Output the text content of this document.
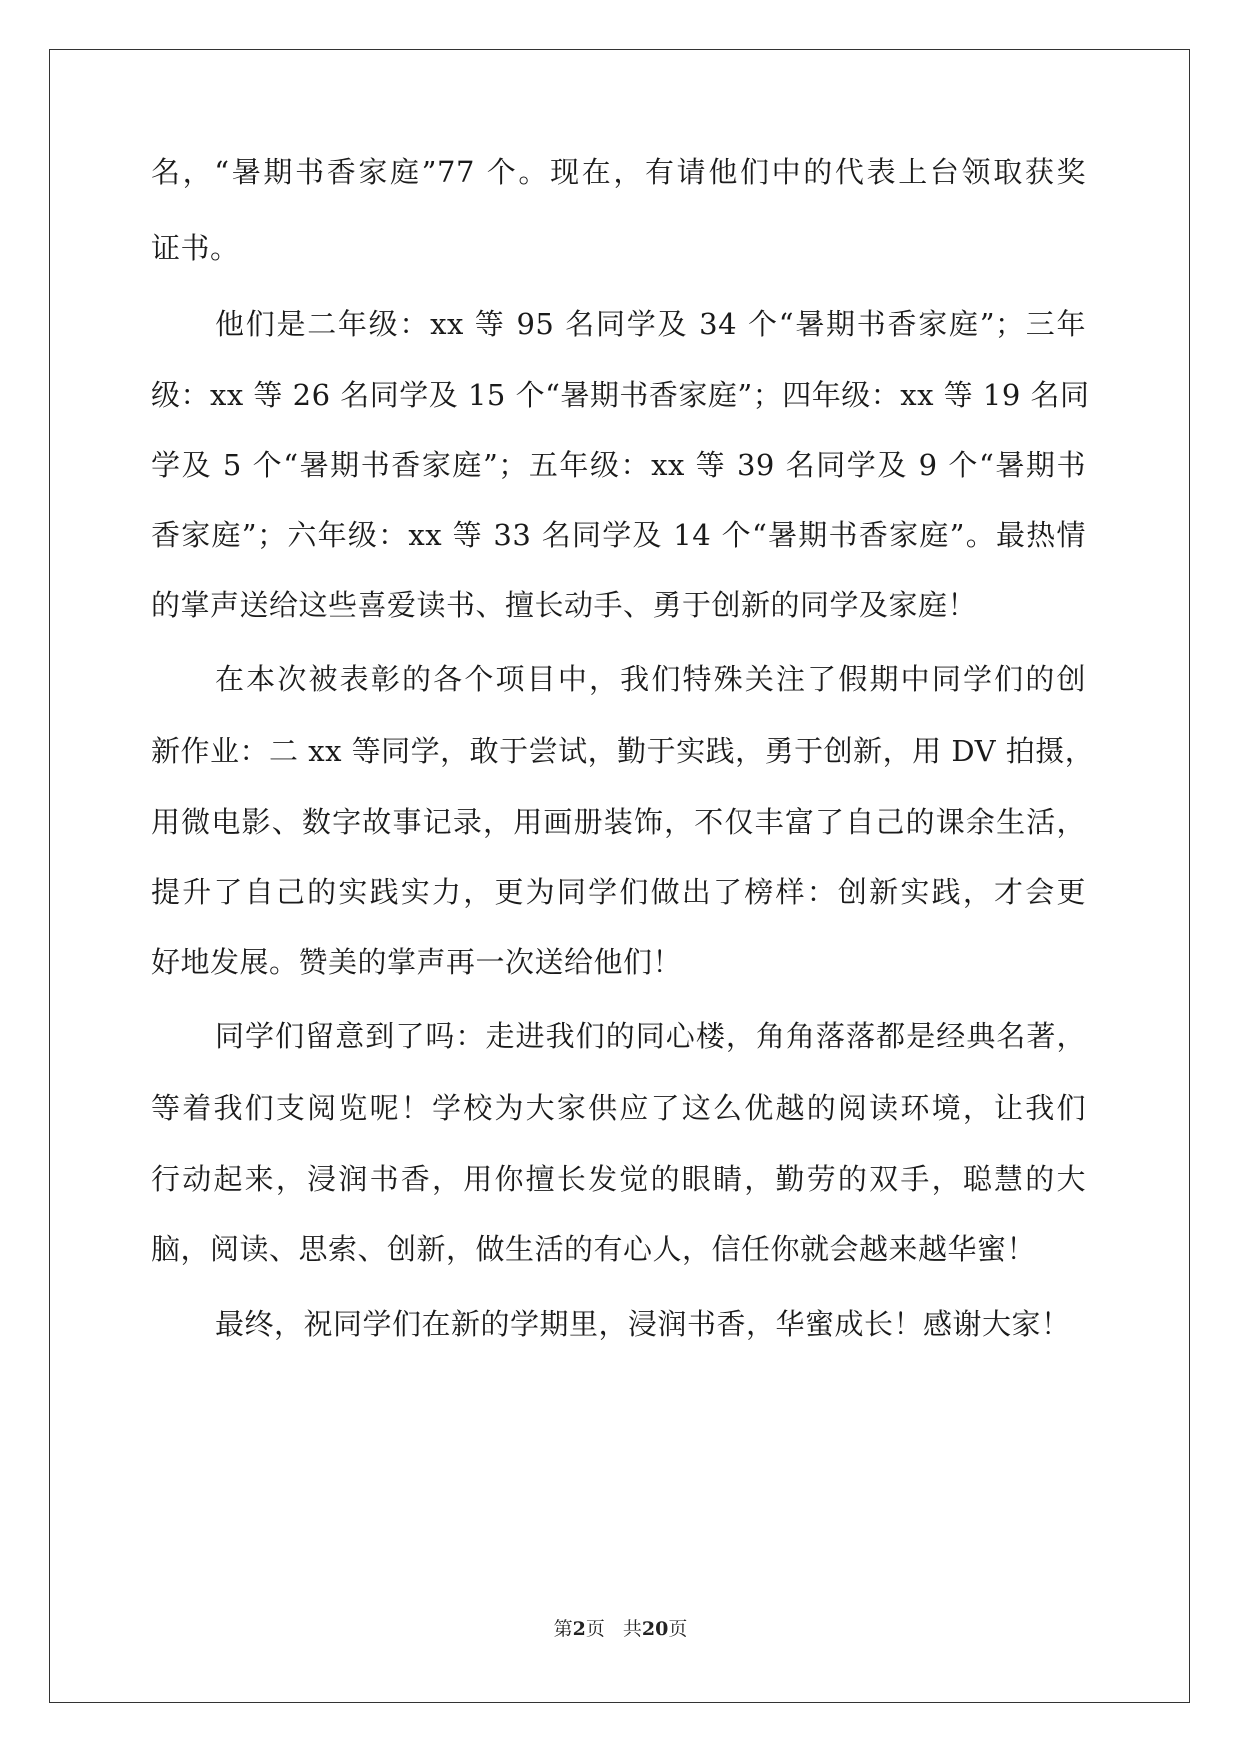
名，“暑期书香家庭”77 个。现在，有请他们中的代表上台领取获奖
证书。
他们是二年级：xx 等 95 名同学及 34 个“暑期书香家庭”；三年
级：xx 等 26 名同学及 15 个“暑期书香家庭”；四年级：xx 等 19 名同
学及 5 个“暑期书香家庭”；五年级：xx 等 39 名同学及 9 个“暑期书
香家庭”；六年级：xx 等 33 名同学及 14 个“暑期书香家庭”。最热情
的掌声送给这些喜爱读书、擅长动手、勇于创新的同学及家庭！
在本次被表彰的各个项目中，我们特殊关注了假期中同学们的创
新作业：二 xx 等同学，敢于尝试，勤于实践，勇于创新，用 DV 拍摄，
用微电影、数字故事记录，用画册装饰，不仅丰富了自己的课余生活，
提升了自己的实践实力，更为同学们做出了榜样：创新实践，才会更
好地发展。赞美的掌声再一次送给他们！
同学们留意到了吗：走进我们的同心楼，角角落落都是经典名著，
等着我们支阅览呢！学校为大家供应了这么优越的阅读环境，让我们
行动起来，浸润书香，用你擅长发觉的眼睛，勤劳的双手，聪慧的大
脑，阅读、思索、创新，做生活的有心人，信任你就会越来越华蜜！
最终，祝同学们在新的学期里，浸润书香，华蜜成长！感谢大家！
第2页 共20页
